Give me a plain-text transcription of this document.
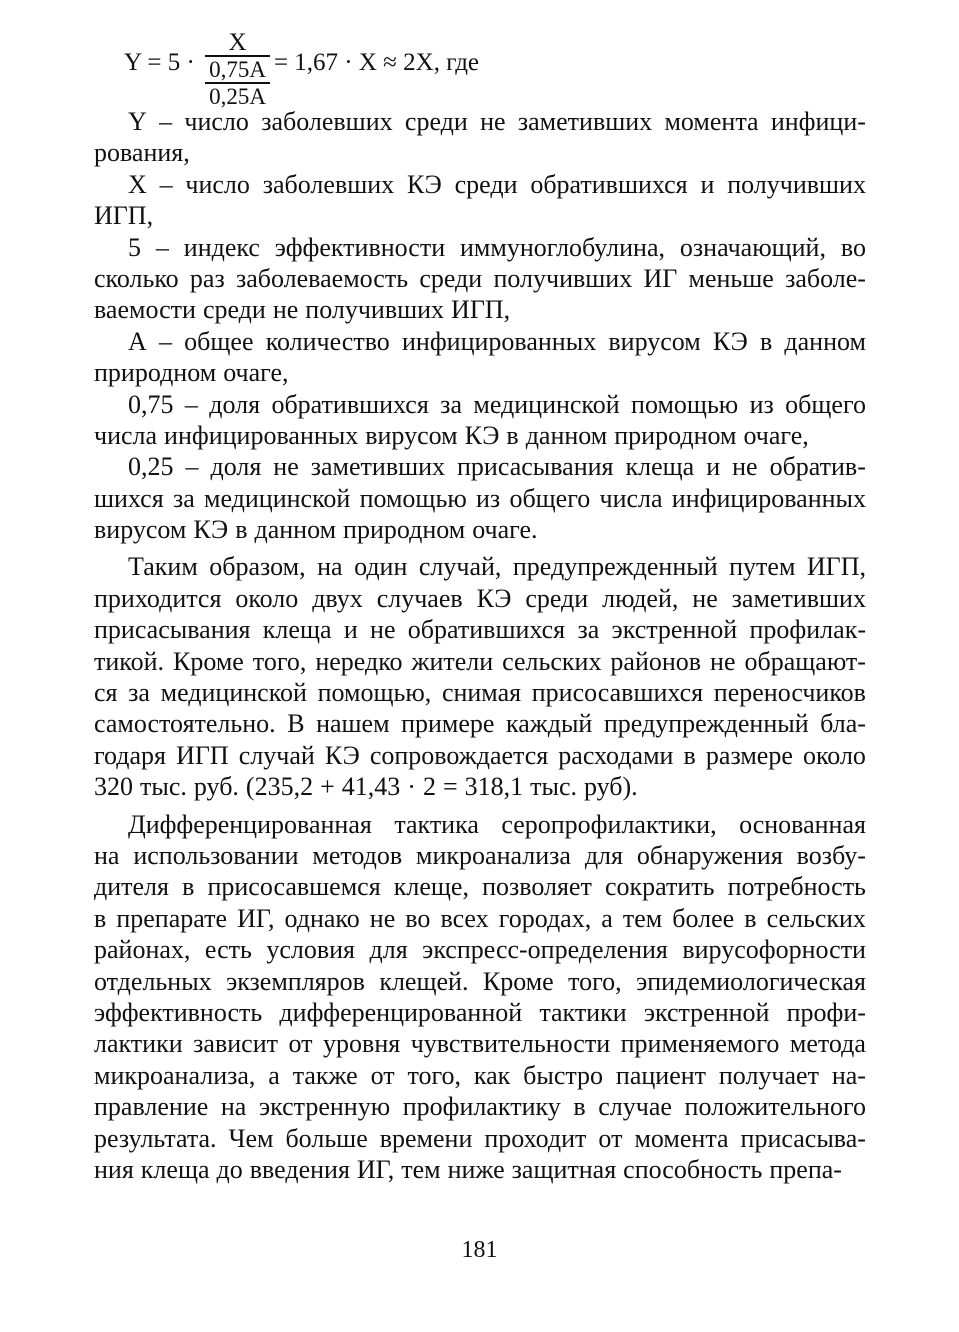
Y = 5 ·
X
0,75A
0,25A
= 1,67 · X ≈ 2X, где
Y – число заболевших среди не заметивших момента инфици-
рования,
X – число заболевших КЭ среди обратившихся и получивших
ИГП,
5 – индекс эффективности иммуноглобулина, означающий, во
сколько раз заболеваемость среди получивших ИГ меньше заболе-
ваемости среди не получивших ИГП,
А – общее количество инфицированных вирусом КЭ в данном
природном очаге,
0,75 – доля обратившихся за медицинской помощью из общего
числа инфицированных вирусом КЭ в данном природном очаге,
0,25 – доля не заметивших присасывания клеща и не обратив-
шихся за медицинской помощью из общего числа инфицированных
вирусом КЭ в данном природном очаге.
Таким образом, на один случай, предупрежденный путем ИГП,
приходится около двух случаев КЭ среди людей, не заметивших
присасывания клеща и не обратившихся за экстренной профилак-
тикой. Кроме того, нередко жители сельских районов не обращают-
ся за медицинской помощью, снимая присосавшихся переносчиков
самостоятельно. В нашем примере каждый предупрежденный бла-
годаря ИГП случай КЭ сопровождается расходами в размере около
320 тыс. руб. (235,2 + 41,43 · 2 = 318,1 тыс. руб).
Дифференцированная тактика серопрофилактики, основанная
на использовании методов микроанализа для обнаружения возбу-
дителя в присосавшемся клеще, позволяет сократить потребность
в препарате ИГ, однако не во всех городах, а тем более в сельских
районах, есть условия для экспресс-определения вирусофорности
отдельных экземпляров клещей. Кроме того, эпидемиологическая
эффективность дифференцированной тактики экстренной профи-
лактики зависит от уровня чувствительности применяемого метода
микроанализа, а также от того, как быстро пациент получает на-
правление на экстренную профилактику в случае положительного
результата. Чем больше времени проходит от момента присасыва-
ния клеща до введения ИГ, тем ниже защитная способность препа-
181
